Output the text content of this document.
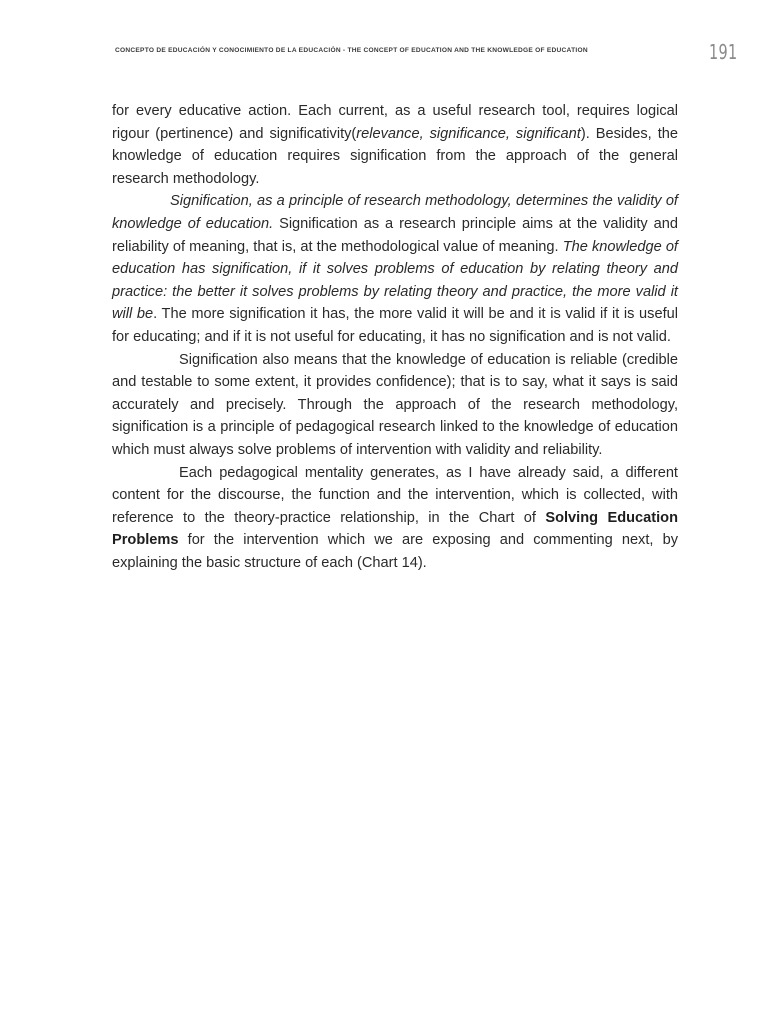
CONCEPTO DE EDUCACIÓN Y CONOCIMIENTO DE LA EDUCACIÓN - THE CONCEPT OF EDUCATION AND THE KNOWLEDGE OF EDUCATION	191

for every educative action. Each current, as a useful research tool, requires logical rigour (pertinence) and significativity(relevance, significance, significant). Besides, the knowledge of education requires signification from the approach of the general research methodology.

Signification, as a principle of research methodology, determines the validity of knowledge of education. Signification as a research principle aims at the validity and reliability of meaning, that is, at the methodological value of meaning. The knowledge of education has signification, if it solves problems of education by relating theory and practice: the better it solves problems by relating theory and practice, the more valid it will be. The more signification it has, the more valid it will be and it is valid if it is useful for educating; and if it is not useful for educating, it has no signification and is not valid.

Signification also means that the knowledge of education is reliable (credible and testable to some extent, it provides confidence); that is to say, what it says is said accurately and precisely. Through the approach of the research methodology, signification is a principle of pedagogical research linked to the knowledge of education which must always solve problems of intervention with validity and reliability.

Each pedagogical mentality generates, as I have already said, a different content for the discourse, the function and the intervention, which is collected, with reference to the theory-practice relationship, in the Chart of Solving Education Problems for the intervention which we are exposing and commenting next, by explaining the basic structure of each (Chart 14).
